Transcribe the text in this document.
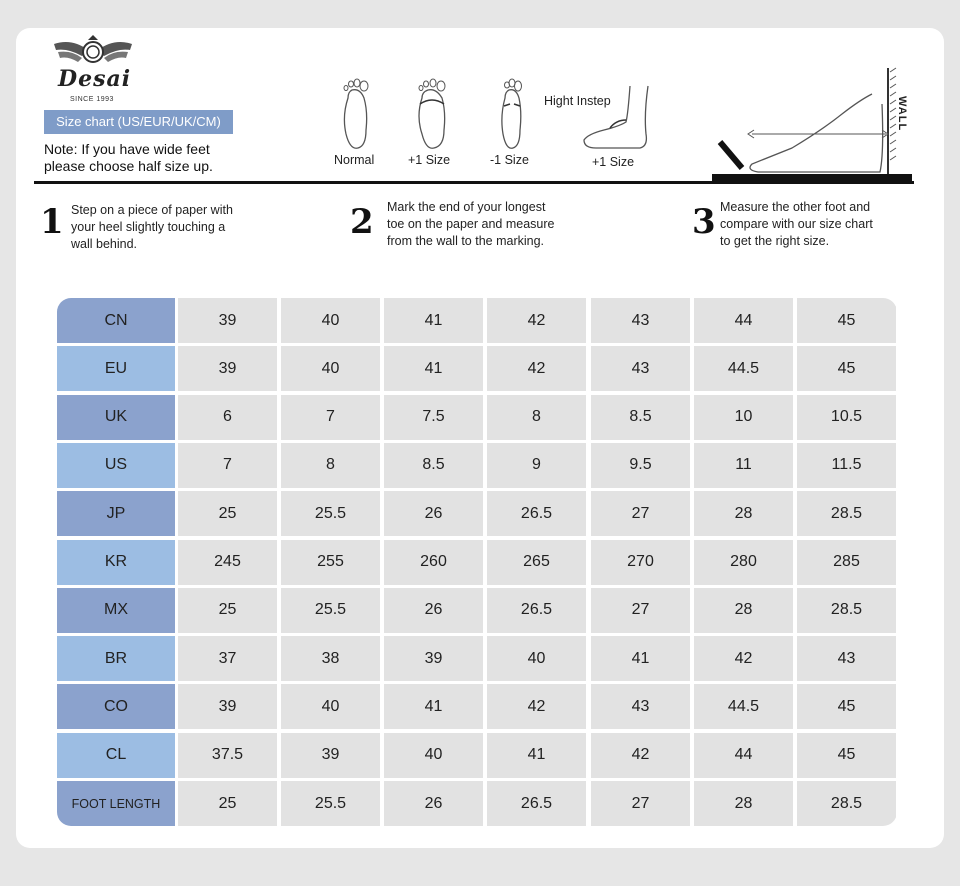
Desai
SINCE 1993
Size chart (US/EUR/UK/CM)
Note: If you have wide feet
please choose half size up.	Normal	+1 Size	-1 Size
Hight Instep
+1 Size
WALL
1 Step on a piece of paper with
your heel slightly touching a
wall behind.
2 Mark the end of your longest
toe on the paper and measure
from the wall to the marking.	3 Measure the other foot and
compare with our size chart
to get the right size.
CN	39	40	41	42	43	44	45
EU	39	40	41	42	43	44.5	45
UK	6	7	7.5	8	8.5	10	10.5
US	7	8	8.5	9	9.5	11	11.5
JP	25	25.5	26	26.5	27	28	28.5
KR	245	255	260	265	270	280	285
MX	25	25.5	26	26.5	27	28	28.5
BR	37	38	39	40	41	42	43
CO	39	40	41	42	43	44.5	45
CL	37.5	39	40	41	42	44	45
FOOT LENGTH	25	25.5	26	26.5	27	28	28.5
